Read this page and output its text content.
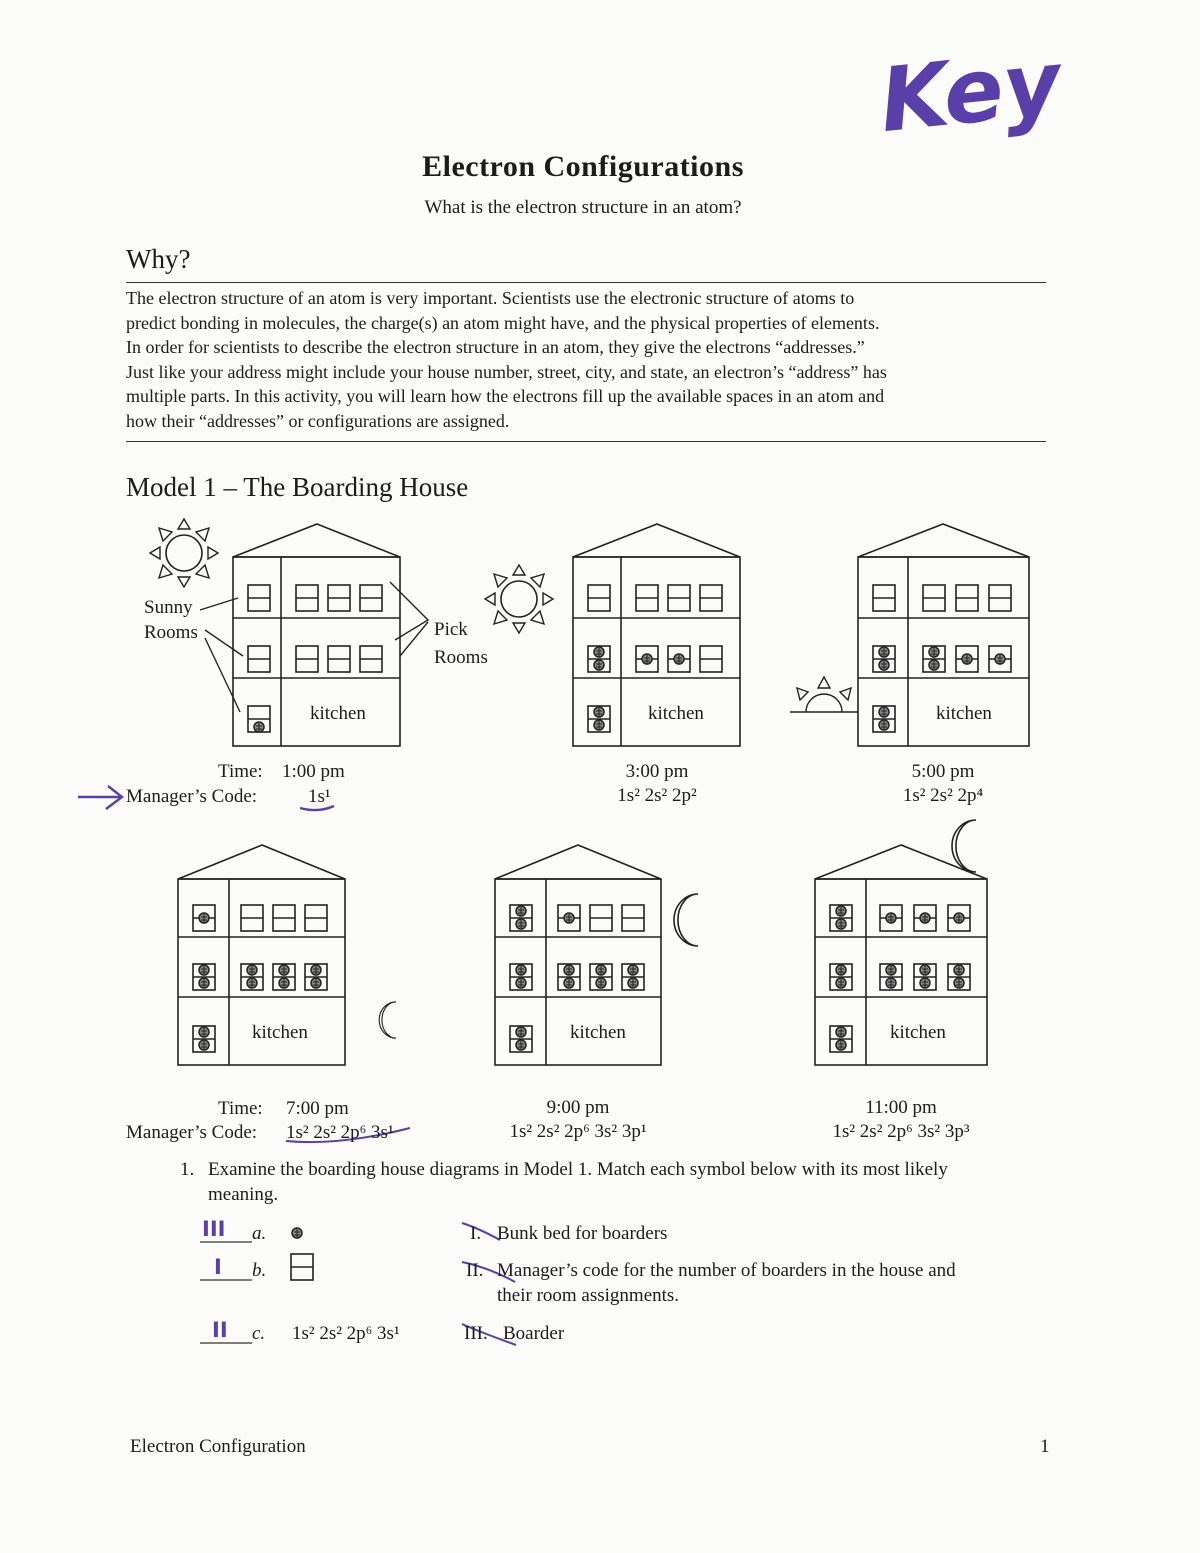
Key
Electron Configurations
What is the electron structure in an atom?
Why?
The electron structure of an atom is very important. Scientists use the electronic structure of atoms to
predict bonding in molecules, the charge(s) an atom might have, and the physical properties of elements.
In order for scientists to describe the electron structure in an atom, they give the electrons “addresses.”
Just like your address might include your house number, street, city, and state, an electron’s “address” has
multiple parts. In this activity, you will learn how the electrons fill up the available spaces in an atom and
how their “addresses” or configurations are assigned.
Model 1 – The Boarding House
Sunny
Rooms	Pick
Rooms
kitchen	kitchen	kitchen
kitchen	kitchen	kitchen
Time: 1:00 pm
Manager’s Code:	1s¹
3:00 pm
1s² 2s² 2p²
5:00 pm
1s² 2s² 2p⁴
Time: 7:00 pm
Manager’s Code: 1s² 2s² 2p⁶ 3s¹
9:00 pm
1s² 2s² 2p⁶ 3s² 3p¹
11:00 pm
1s² 2s² 2p⁶ 3s² 3p³
1. Examine the boarding house diagrams in Model 1. Match each symbol below with its most likely
meaning.
III a.
I b.
II c. 1s² 2s² 2p⁶ 3s¹
I. Bunk bed for boarders
II. Manager’s code for the number of boarders in the house and
their room assignments.
III. Boarder
Electron Configuration	1
